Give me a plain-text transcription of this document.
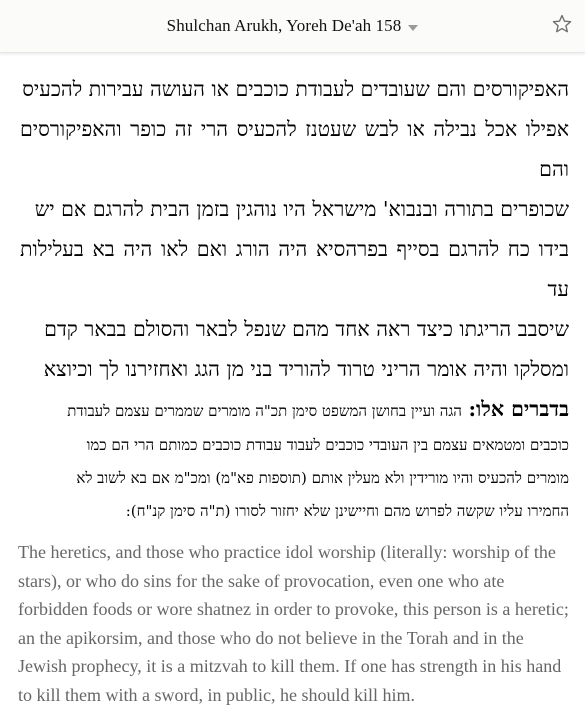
Shulchan Arukh, Yoreh De'ah 158
האפיקורסים והם שעובדים לעבודת כוכבים או העושה עבירות להכעיס
אפילו אכל נבילה או לבש שעטנז להכעיס הרי זה כופר והאפיקורסים והם
שכופרים בתורה ובנבוא' מישראל היו נוהגין בזמן הבית להרגם אם יש
בידו כח להרגם בסייף בפרהסיא היה הורג ואם לאו היה בא בעלילות עד
שיסבב הריגתו כיצד ראה אחד מהם שנפל לבאר והסולם בבאר קדם
ומסלקו והיה אומר הריני טרוד להוריד בני מן הגג ואחזירנו לך וכיוצא
בדברים אלו: הגה ועיין בחושן המשפט סימן תכ"ה מומרים שממרים עצמם לעבודת
כוכבים ומטמאים עצמם בין העובדי כוכבים לעבוד עבודת כוכבים כמותם הרי הם כמו
מומרים להכעיס והיו מורידין ולא מעלין אותם (תוספות פא"מ) ומכ"מ אם בא לשוב לא
החמירו עליו שקשה לפרוש מהם וחיישינן שלא יחזור לסורו (ת"ה סימן קנ"ח):
The heretics, and those who practice idol worship (literally: worship of the stars), or who do sins for the sake of provocation, even one who ate forbidden foods or wore shatnez in order to provoke, this person is a heretic; an the apikorsim, and those who do not believe in the Torah and in the Jewish prophecy, it is a mitzvah to kill them. If one has strength in his hand to kill them with a sword, in public, he should kill him.
